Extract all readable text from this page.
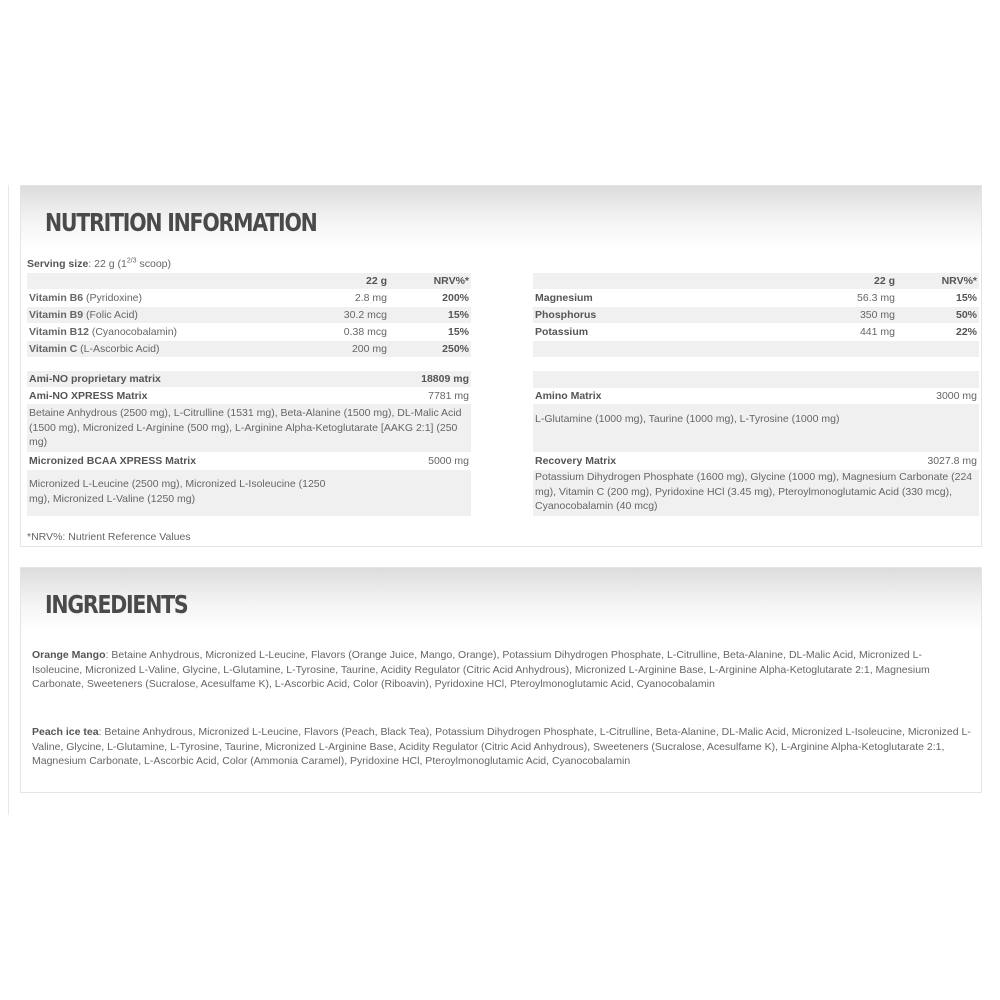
NUTRITION INFORMATION
Serving size: 22 g ($1^{2/3}$ scoop)
22 g	NRV%*
Vitamin B6 (Pyridoxine)	2.8 mg	200%
Vitamin B9 (Folic Acid)	30.2 mcg	15%
Vitamin B12 (Cyanocobalamin)	0.38 mcg	15%
Vitamin C (L-Ascorbic Acid)	200 mg	250%
22 g	NRV%*
Magnesium	56.3 mg	15%
Phosphorus	350 mg	50%
Potassium	441 mg	22%
Ami-NO proprietary matrix	18809 mg
Ami-NO XPRESS Matrix	7781 mg
Betaine Anhydrous (2500 mg), L-Citrulline (1531 mg), Beta-Alanine (1500 mg), DL-Malic Acid (1500 mg), Micronized L-Arginine (500 mg), L-Arginine Alpha-Ketoglutarate [AAKG 2:1] (250 mg)
Micronized BCAA XPRESS Matrix	5000 mg
Micronized L-Leucine (2500 mg), Micronized L-Isoleucine (1250 mg), Micronized L-Valine (1250 mg)
Amino Matrix	3000 mg
L-Glutamine (1000 mg), Taurine (1000 mg), L-Tyrosine (1000 mg)
Recovery Matrix	3027.8 mg
Potassium Dihydrogen Phosphate (1600 mg), Glycine (1000 mg), Magnesium Carbonate (224 mg), Vitamin C (200 mg), Pyridoxine HCl (3.45 mg), Pteroylmonoglutamic Acid (330 mcg), Cyanocobalamin (40 mcg)
*NRV%: Nutrient Reference Values
INGREDIENTS
Orange Mango: Betaine Anhydrous, Micronized L-Leucine, Flavors (Orange Juice, Mango, Orange), Potassium Dihydrogen Phosphate, L-Citrulline, Beta-Alanine, DL-Malic Acid, Micronized L-Isoleucine, Micronized L-Valine, Glycine, L-Glutamine, L-Tyrosine, Taurine, Acidity Regulator (Citric Acid Anhydrous), Micronized L-Arginine Base, L-Arginine Alpha-Ketoglutarate 2:1, Magnesium Carbonate, Sweeteners (Sucralose, Acesulfame K), L-Ascorbic Acid, Color (Riboavin), Pyridoxine HCl, Pteroylmonoglutamic Acid, Cyanocobalamin
Peach ice tea: Betaine Anhydrous, Micronized L-Leucine, Flavors (Peach, Black Tea), Potassium Dihydrogen Phosphate, L-Citrulline, Beta-Alanine, DL-Malic Acid, Micronized L-Isoleucine, Micronized L-Valine, Glycine, L-Glutamine, L-Tyrosine, Taurine, Micronized L-Arginine Base, Acidity Regulator (Citric Acid Anhydrous), Sweeteners (Sucralose, Acesulfame K), L-Arginine Alpha-Ketoglutarate 2:1, Magnesium Carbonate, L-Ascorbic Acid, Color (Ammonia Caramel), Pyridoxine HCl, Pteroylmonoglutamic Acid, Cyanocobalamin
